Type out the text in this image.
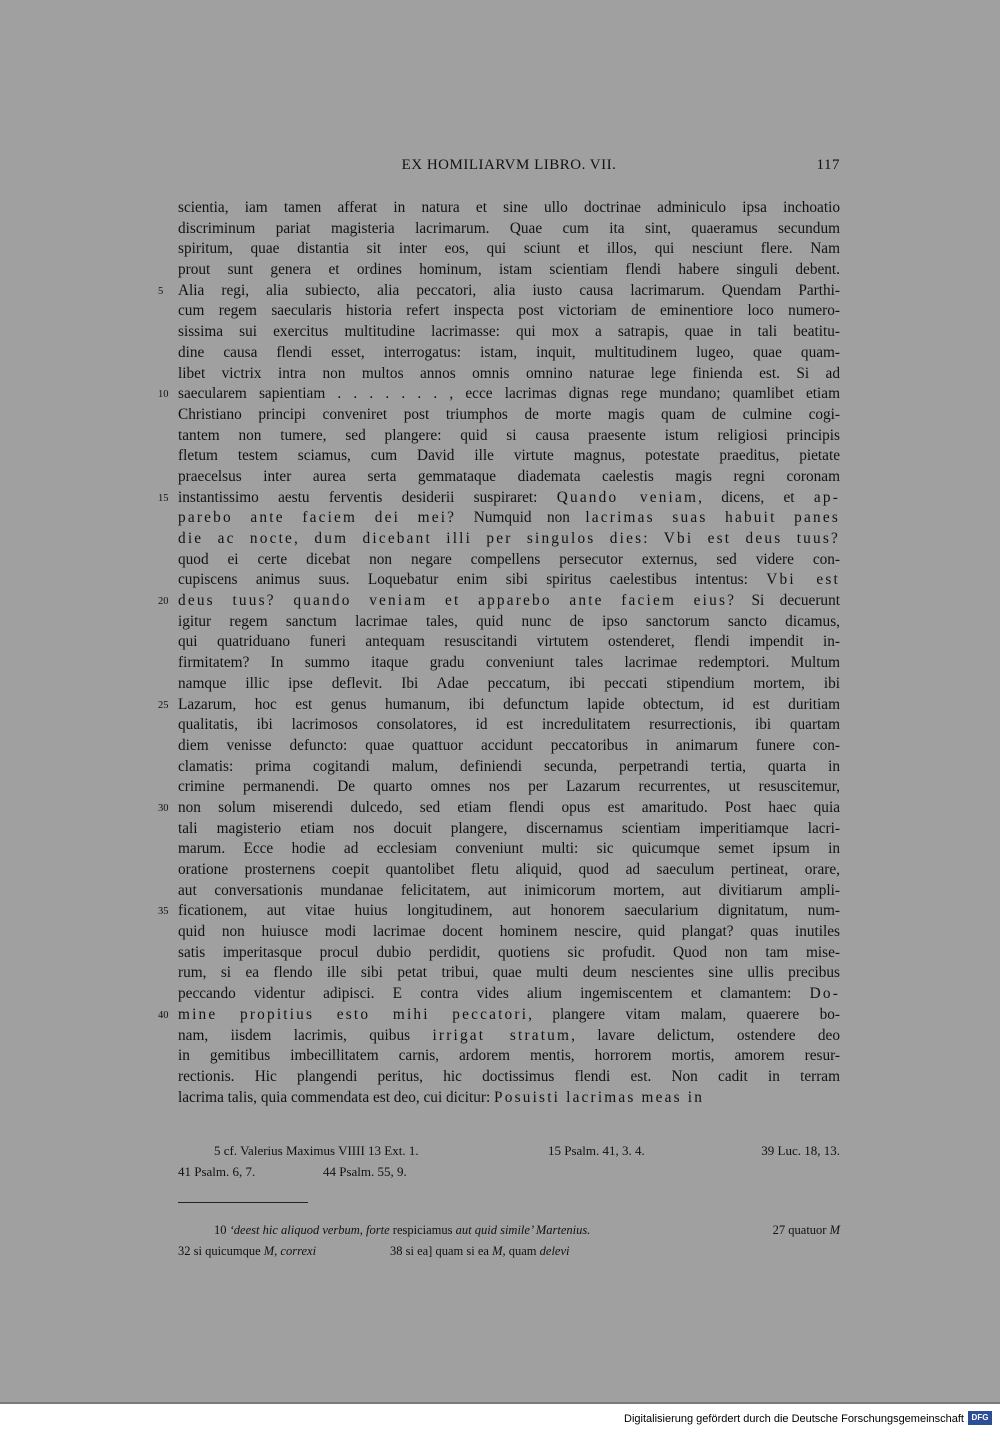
EX HOMILIARVM LIBRO. VII.	117
scientia, iam tamen afferat in natura et sine ullo doctrinae adminiculo ipsa inchoatio
discriminum pariat magisteria lacrimarum. Quae cum ita sint, quaeramus secundum
spiritum, quae distantia sit inter eos, qui sciunt et illos, qui nesciunt flere. Nam
prout sunt genera et ordines hominum, istam scientiam flendi habere singuli debent.
5 Alia regi, alia subiecto, alia peccatori, alia iusto causa lacrimarum. Quendam Parthi-
cum regem saecularis historia refert inspecta post victoriam de eminentiore loco numero-
sissima sui exercitus multitudine lacrimasse: qui mox a satrapis, quae in tali beatitu-
dine causa flendi esset, interrogatus: istam, inquit, multitudinem lugeo, quae quam-
libet victrix intra non multos annos omnis omnino naturae lege finienda est. Si ad
10 saecularem sapientiam . . . . . . . , ecce lacrimas dignas rege mundano; quamlibet etiam
Christiano principi conveniret post triumphos de morte magis quam de culmine cogi-
tantem non tumere, sed plangere: quid si causa praesente istum religiosi principis
fletum testem sciamus, cum David ille virtute magnus, potestate praeditus, pietate
praecelsus inter aurea serta gemmataque diademata caelestis magis regni coronam
15 instantissimo aestu ferventis desiderii suspiraret: Quando veniam, dicens, et ap-
parebo ante faciem dei mei? Numquid non lacrimas suas habuit panes
die ac nocte, dum dicebant illi per singulos dies: Vbi est deus tuus?
quod ei certe dicebat non negare compellens persecutor externus, sed videre con-
cupiscens animus suus. Loquebatur enim sibi spiritus caelestibus intentus: Vbi est
20 deus tuus? quando veniam et apparebo ante faciem eius? Si decuerunt
igitur regem sanctum lacrimae tales, quid nunc de ipso sanctorum sancto dicamus,
qui quatriduano funeri antequam resuscitandi virtutem ostenderet, flendi impendit in-
firmitatem? In summo itaque gradu conveniunt tales lacrimae redemptori. Multum
namque illic ipse deflevit. Ibi Adae peccatum, ibi peccati stipendium mortem, ibi
25 Lazarum, hoc est genus humanum, ibi defunctum lapide obtectum, id est duritiam
qualitatis, ibi lacrimosos consolatores, id est incredulitatem resurrectionis, ibi quartam
diem venisse defuncto: quae quattuor accidunt peccatoribus in animarum funere con-
clamatis: prima cogitandi malum, definiendi secunda, perpetrandi tertia, quarta in
crimine permanendi. De quarto omnes nos per Lazarum recurrentes, ut resuscitemur,
30 non solum miserendi dulcedo, sed etiam flendi opus est amaritudo. Post haec quia
tali magisterio etiam nos docuit plangere, discernamus scientiam imperitiamque lacri-
marum. Ecce hodie ad ecclesiam conveniunt multi: sic quicumque semet ipsum in
oratione prosternens coepit quantolibet fletu aliquid, quod ad saeculum pertineat, orare,
aut conversationis mundanae felicitatem, aut inimicorum mortem, aut divitiarum ampli-
35 ficationem, aut vitae huius longitudinem, aut honorem saecularium dignitatum, num-
quid non huiusce modi lacrimae docent hominem nescire, quid plangat? quas inutiles
satis imperitasque procul dubio perdidit, quotiens sic profudit. Quod non tam mise-
rum, si ea flendo ille sibi petat tribui, quae multi deum nescientes sine ullis precibus
peccando videntur adipisci. E contra vides alium ingemiscentem et clamantem: Do-
40 mine propitius esto mihi peccatori, plangere vitam malam, quaerere bo-
nam, iisdem lacrimis, quibus irrigat stratum, lavare delictum, ostendere deo
in gemitibus imbecillitatem carnis, ardorem mentis, horrorem mortis, amorem resur-
rectionis. Hic plangendi peritus, hic doctissimus flendi est. Non cadit in terram
lacrima talis, quia commendata est deo, cui dicitur: Posuisti lacrimas meas in
5 cf. Valerius Maximus VIIII 13 Ext. 1.	15 Psalm. 41, 3. 4.	39 Luc. 18, 13.
41 Psalm. 6, 7.	44 Psalm. 55, 9.
10 ‘deest hic aliquod verbum, forte respiciamus aut quid simile’ Martenius.	27 quatuor M
32 si quicumque M, correxi	38 si ea] quam si ea M, quam delevi
Digitalisierung gefördert durch die Deutsche Forschungsgemeinschaft DFG
